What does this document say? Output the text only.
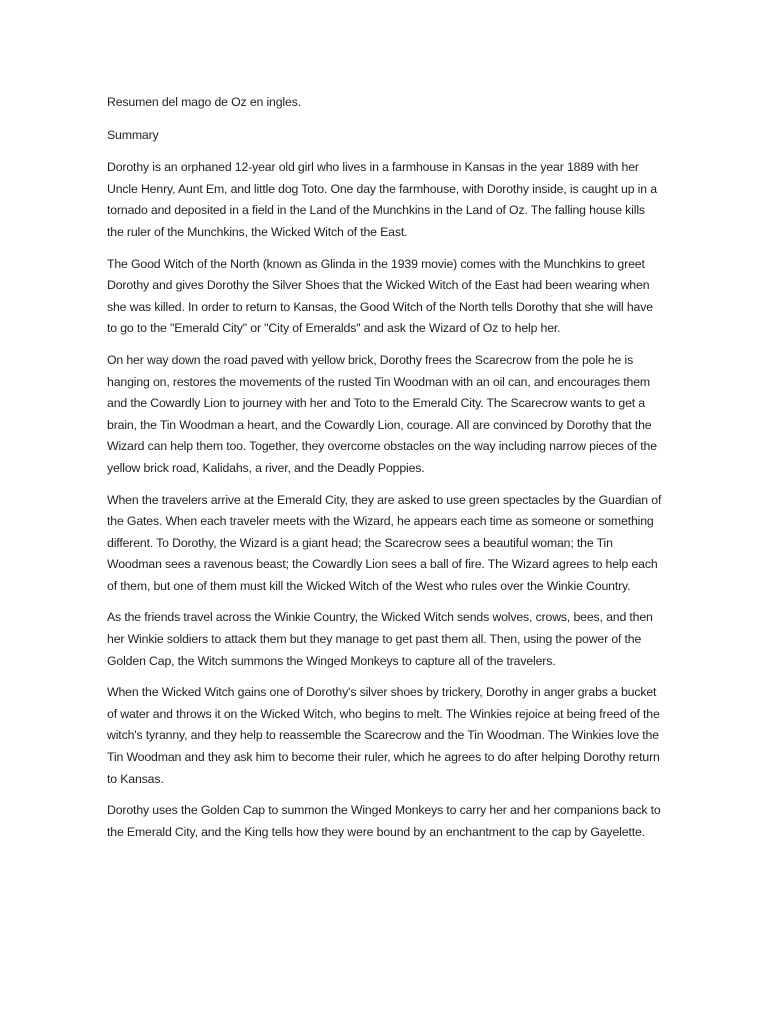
Resumen del mago de Oz en ingles.

Summary

Dorothy is an orphaned 12-year old girl who lives in a farmhouse in Kansas in the year 1889 with her Uncle Henry, Aunt Em, and little dog Toto. One day the farmhouse, with Dorothy inside, is caught up in a tornado and deposited in a field in the Land of the Munchkins in the Land of Oz. The falling house kills the ruler of the Munchkins, the Wicked Witch of the East.

The Good Witch of the North (known as Glinda in the 1939 movie) comes with the Munchkins to greet Dorothy and gives Dorothy the Silver Shoes that the Wicked Witch of the East had been wearing when she was killed. In order to return to Kansas, the Good Witch of the North tells Dorothy that she will have to go to the "Emerald City" or "City of Emeralds" and ask the Wizard of Oz to help her.

On her way down the road paved with yellow brick, Dorothy frees the Scarecrow from the pole he is hanging on, restores the movements of the rusted Tin Woodman with an oil can, and encourages them and the Cowardly Lion to journey with her and Toto to the Emerald City. The Scarecrow wants to get a brain, the Tin Woodman a heart, and the Cowardly Lion, courage. All are convinced by Dorothy that the Wizard can help them too. Together, they overcome obstacles on the way including narrow pieces of the yellow brick road, Kalidahs, a river, and the Deadly Poppies.

When the travelers arrive at the Emerald City, they are asked to use green spectacles by the Guardian of the Gates. When each traveler meets with the Wizard, he appears each time as someone or something different. To Dorothy, the Wizard is a giant head; the Scarecrow sees a beautiful woman; the Tin Woodman sees a ravenous beast; the Cowardly Lion sees a ball of fire. The Wizard agrees to help each of them, but one of them must kill the Wicked Witch of the West who rules over the Winkie Country.

As the friends travel across the Winkie Country, the Wicked Witch sends wolves, crows, bees, and then her Winkie soldiers to attack them but they manage to get past them all. Then, using the power of the Golden Cap, the Witch summons the Winged Monkeys to capture all of the travelers.

When the Wicked Witch gains one of Dorothy's silver shoes by trickery, Dorothy in anger grabs a bucket of water and throws it on the Wicked Witch, who begins to melt. The Winkies rejoice at being freed of the witch's tyranny, and they help to reassemble the Scarecrow and the Tin Woodman. The Winkies love the Tin Woodman and they ask him to become their ruler, which he agrees to do after helping Dorothy return to Kansas.

Dorothy uses the Golden Cap to summon the Winged Monkeys to carry her and her companions back to the Emerald City, and the King tells how they were bound by an enchantment to the cap by Gayelette.
